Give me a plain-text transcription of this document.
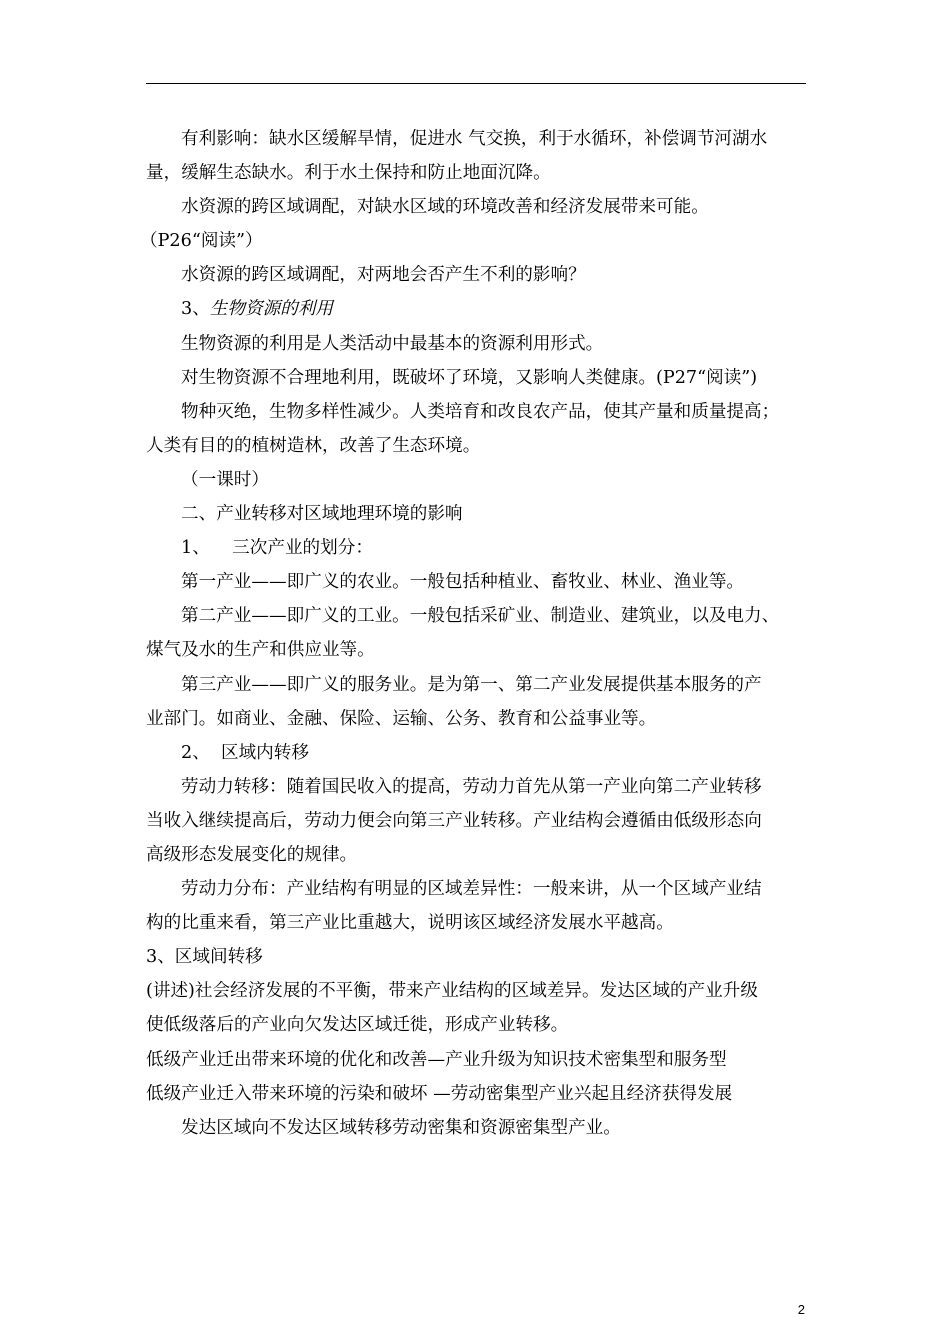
有利影响：缺水区缓解旱情，促进水 气交换，利于水循环，补偿调节河湖水
量，缓解生态缺水。利于水土保持和防止地面沉降。
水资源的跨区域调配，对缺水区域的环境改善和经济发展带来可能。
（P26“阅读”）
水资源的跨区域调配，对两地会否产生不利的影响？
3、生物资源的利用
生物资源的利用是人类活动中最基本的资源利用形式。
对生物资源不合理地利用，既破坏了环境，又影响人类健康。(P27“阅读”)
物种灭绝，生物多样性减少。人类培育和改良农产品，使其产量和质量提高；
人类有目的的植树造林，改善了生态环境。
（一课时）
二、产业转移对区域地理环境的影响
1、    三次产业的划分：
第一产业——即广义的农业。一般包括种植业、畜牧业、林业、渔业等。
第二产业——即广义的工业。一般包括采矿业、制造业、建筑业，以及电力、
煤气及水的生产和供应业等。
第三产业——即广义的服务业。是为第一、第二产业发展提供基本服务的产
业部门。如商业、金融、保险、运输、公务、教育和公益事业等。
2、  区域内转移
劳动力转移：随着国民收入的提高，劳动力首先从第一产业向第二产业转移
当收入继续提高后，劳动力便会向第三产业转移。产业结构会遵循由低级形态向
高级形态发展变化的规律。
劳动力分布：产业结构有明显的区域差异性：一般来讲，从一个区域产业结
构的比重来看，第三产业比重越大，说明该区域经济发展水平越高。
3、区域间转移
(讲述)社会经济发展的不平衡，带来产业结构的区域差异。发达区域的产业升级
使低级落后的产业向欠发达区域迁徙，形成产业转移。
低级产业迁出带来环境的优化和改善—产业升级为知识技术密集型和服务型
低级产业迁入带来环境的污染和破坏 —劳动密集型产业兴起且经济获得发展
发达区域向不发达区域转移劳动密集和资源密集型产业。
2
